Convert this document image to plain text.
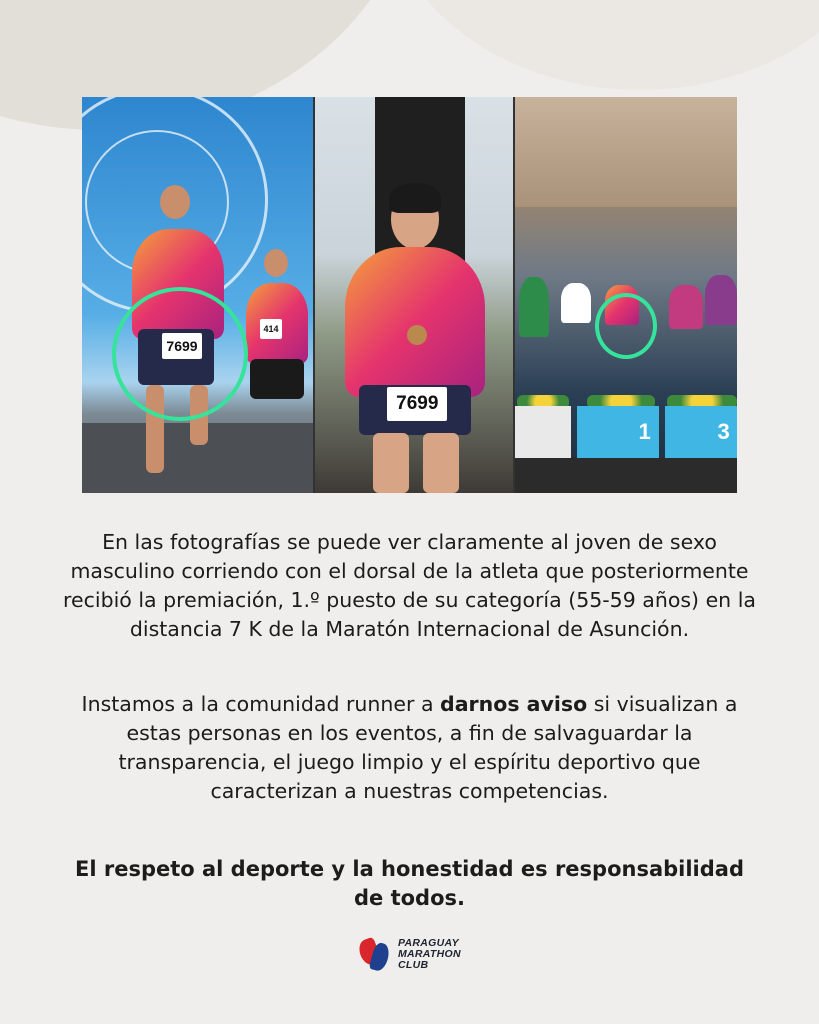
7699
414
7699
1	3
En las fotografías se puede ver claramente al joven de sexo masculino corriendo con el dorsal de la atleta que posteriormente recibió la premiación, 1.º puesto de su categoría (55-59 años) en la distancia 7 K de la Maratón Internacional de Asunción.
Instamos a la comunidad runner a darnos aviso si visualizan a estas personas en los eventos, a fin de salvaguardar la transparencia, el juego limpio y el espíritu deportivo que caracterizan a nuestras competencias.
El respeto al deporte y la honestidad es responsabilidad de todos.
PARAGUAY
MARATHON
CLUB
